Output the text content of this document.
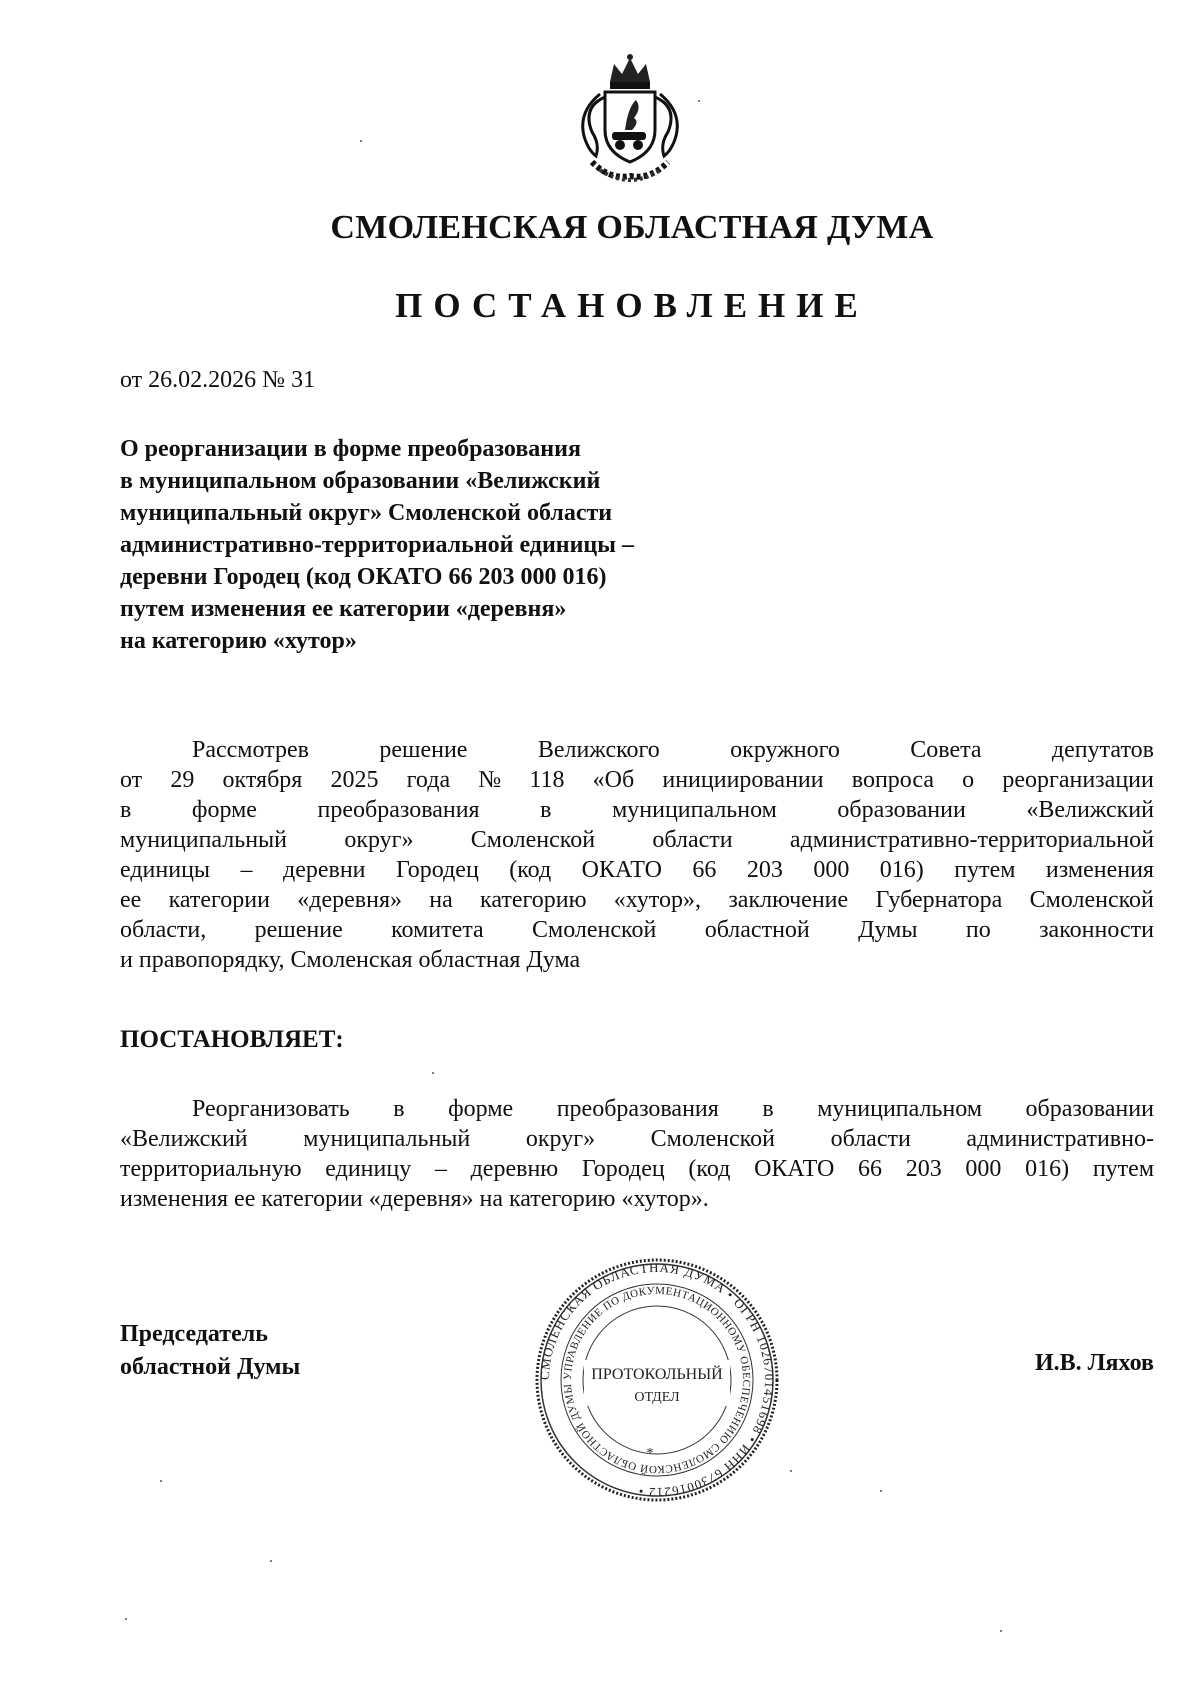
СМОЛЕНСКАЯ ОБЛАСТНАЯ ДУМА
ПОСТАНОВЛЕНИЕ
от 26.02.2026 № 31
О реорганизации в форме преобразования
в муниципальном образовании «Велижский
муниципальный округ» Смоленской области
административно-территориальной единицы –
деревни Городец (код ОКАТО 66 203 000 016)
путем изменения ее категории «деревня»
на категорию «хутор»
Рассмотрев	решение	Велижского	окружного	Совета	депутатов
от 29 октября 2025 года № 118 «Об инициировании вопроса о реорганизации
в	форме	преобразования	в	муниципальном	образовании	«Велижский
муниципальный округ» Смоленской области административно-территориальной
единицы – деревни Городец (код ОКАТО 66 203 000 016) путем изменения
ее категории «деревня» на категорию «хутор», заключение Губернатора Смоленской
области, решение комитета Смоленской областной Думы по законности
и правопорядку, Смоленская областная Дума
ПОСТАНОВЛЯЕТ:
Реорганизовать в форме преобразования в муниципальном образовании
«Велижский муниципальный округ» Смоленской области административно-
территориальную единицу – деревню Городец (код ОКАТО 66 203 000 016) путем
изменения ее категории «деревня» на категорию «хутор».
Председатель
областной Думы	СМОЛЕНСКАЯ ОБЛАСТНАЯ ДУМА • ОГРН 1026701451698 • ИНН 6730016212 •
УПРАВЛЕНИЕ ПО ДОКУМЕНТАЦИОННОМУ ОБЕСПЕЧЕНИЮ СМОЛЕНСКОЙ ОБЛАСТНОЙ ДУМЫ
ПРОТОКОЛЬНЫЙ
ОТДЕЛ
*
И.В. Ляхов
